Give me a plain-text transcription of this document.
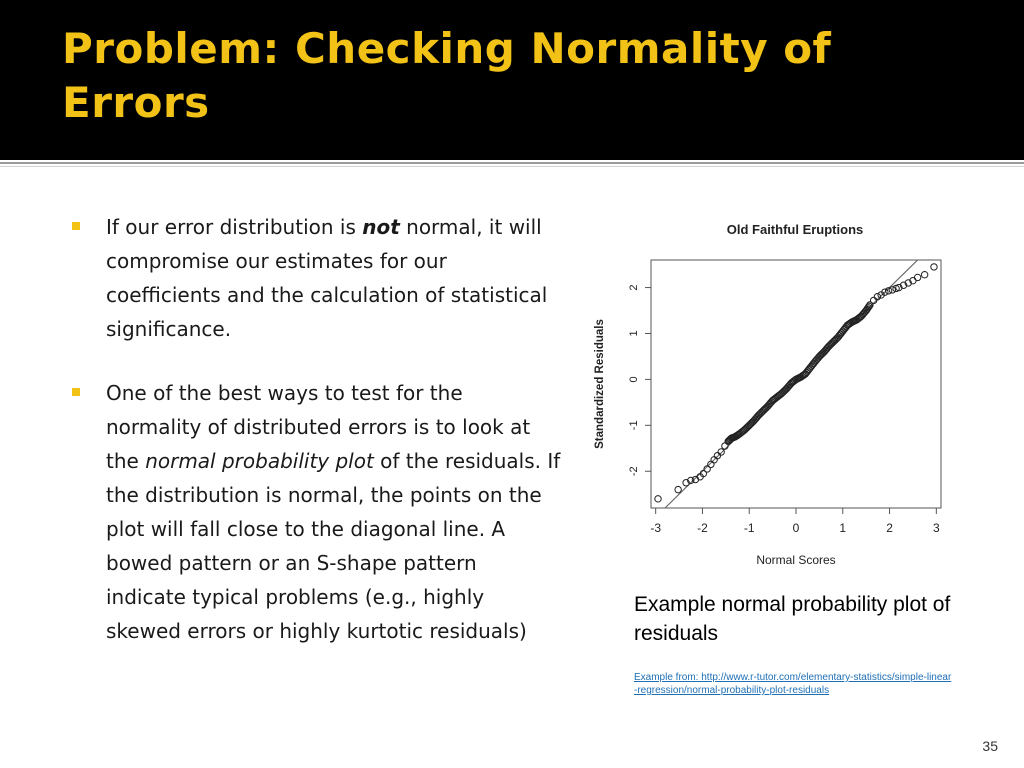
Problem: Checking Normality of Errors
If our error distribution is not normal, it will compromise our estimates for our coefficients and the calculation of statistical significance.
One of the best ways to test for the normality of distributed errors is to look at the normal probability plot of the residuals. If the distribution is normal, the points on the plot will fall close to the diagonal line. A bowed pattern or an S-shape pattern indicate typical problems (e.g., highly skewed errors or highly kurtotic residuals)
Old Faithful Eruptions
-3	-2	-1	0	1	2	3
-2
-1
0
1
2
Normal Scores
Standardized Residuals
Example normal probability plot of residuals
Example from: http://www.r-tutor.com/elementary-statistics/simple-linear-regression/normal-probability-plot-residuals
35
